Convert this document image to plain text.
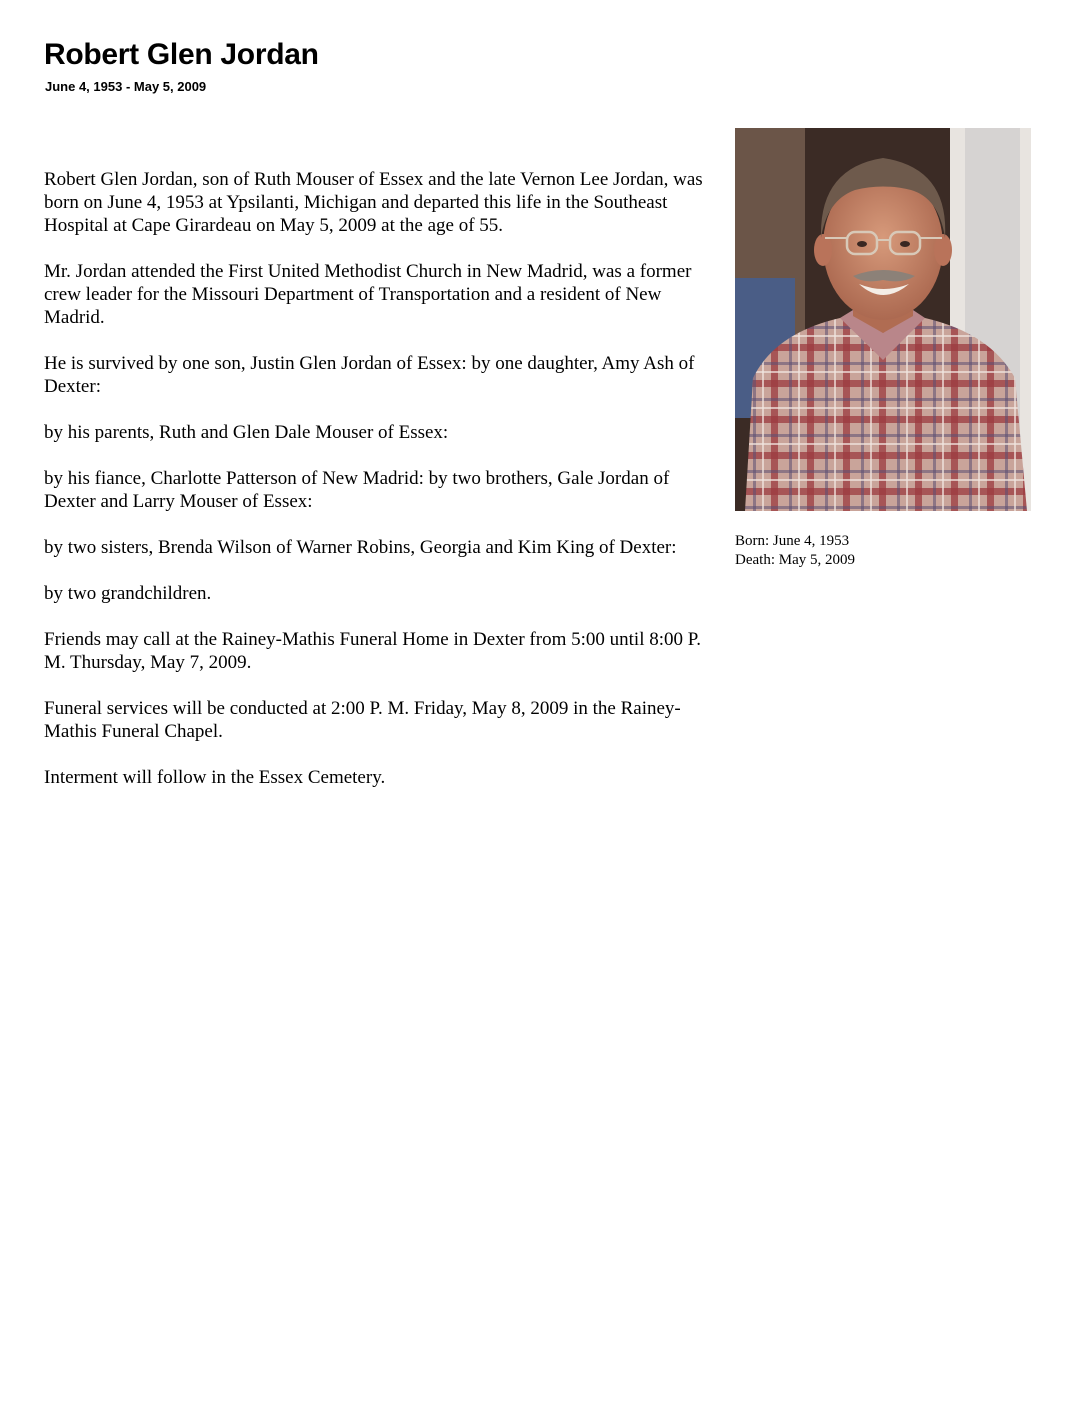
Robert Glen Jordan
June 4, 1953 - May 5, 2009

Robert Glen Jordan, son of Ruth Mouser of Essex and the late Vernon Lee Jordan, was born on June 4, 1953 at Ypsilanti, Michigan and departed this life in the Southeast Hospital at Cape Girardeau on May 5, 2009 at the age of 55.

Mr. Jordan attended the First United Methodist Church in New Madrid, was a former crew leader for the Missouri Department of Transportation and a resident of New Madrid.

He is survived by one son, Justin Glen Jordan of Essex: by one daughter, Amy Ash of Dexter:

by his parents, Ruth and Glen Dale Mouser of Essex:

by his fiance, Charlotte Patterson of New Madrid: by two brothers, Gale Jordan of Dexter and Larry Mouser of Essex:

by two sisters, Brenda Wilson of Warner Robins, Georgia and Kim King of Dexter:

by two grandchildren.

Friends may call at the Rainey-Mathis Funeral Home in Dexter from 5:00 until 8:00 P. M. Thursday, May 7, 2009.

Funeral services will be conducted at 2:00 P. M. Friday, May 8, 2009 in the Rainey-Mathis Funeral Chapel.

Interment will follow in the Essex Cemetery.

Born: June 4, 1953
Death: May 5, 2009
